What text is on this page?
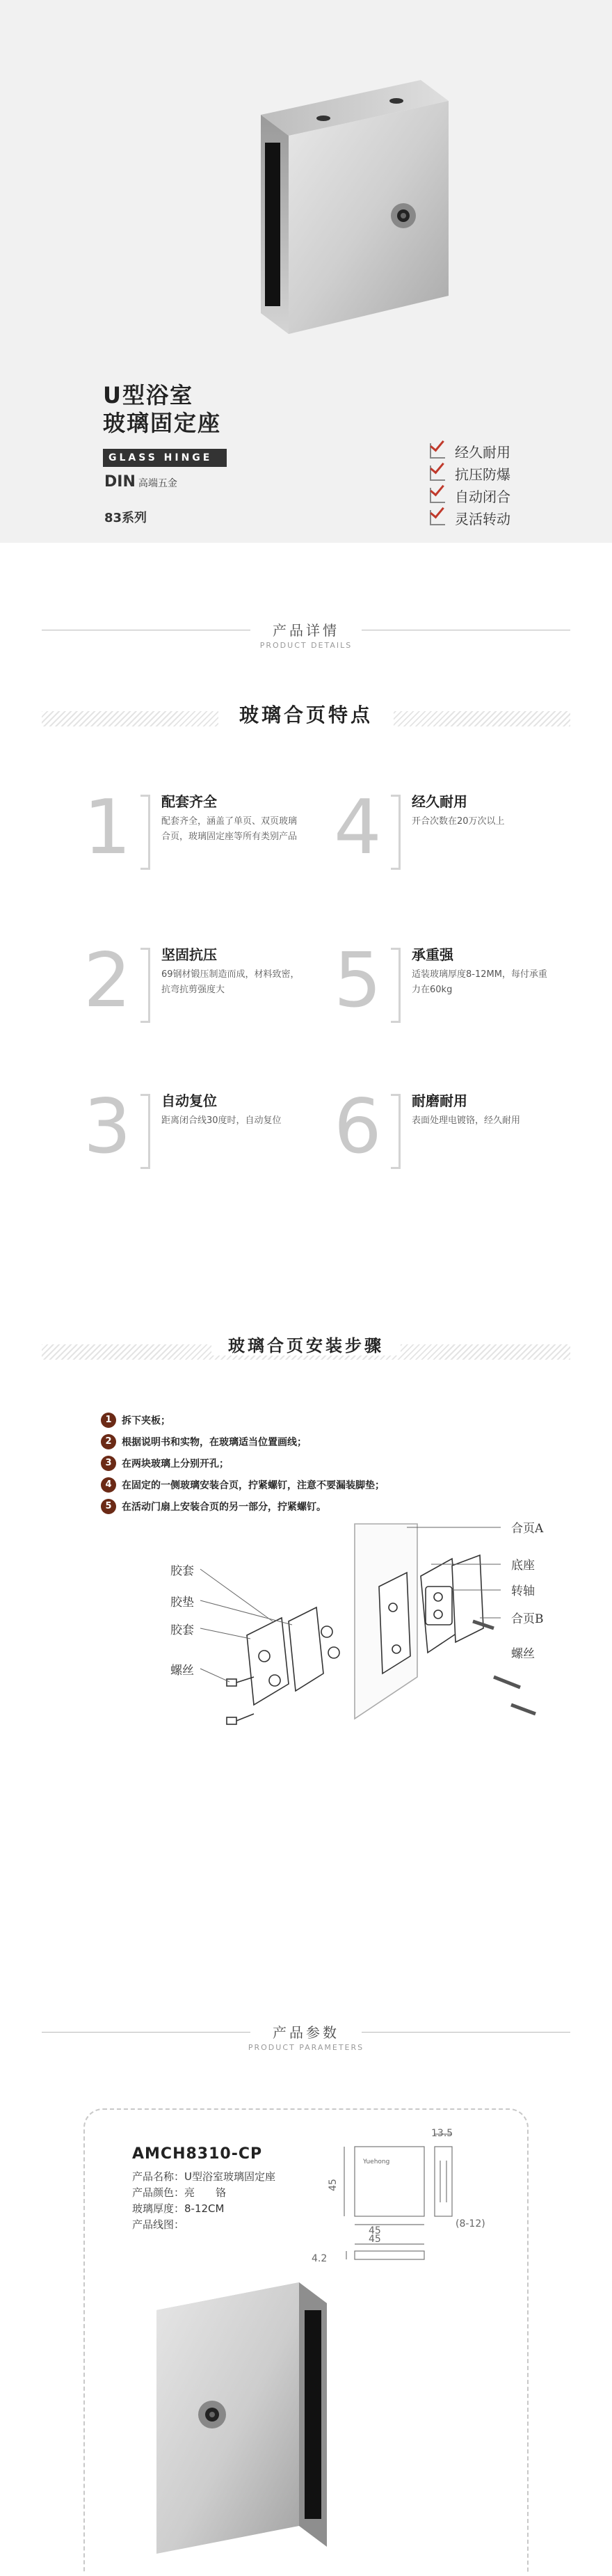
U型浴室
玻璃固定座
GLASS HINGE
DIN 高端五金
83系列
经久耐用
抗压防爆
自动闭合
灵活转动
产品详情
PRODUCT DETAILS
玻璃合页特点
1 配套齐全
配套齐全，涵盖了单页、双页玻璃合页，玻璃固定座等所有类别产品 4 经久耐用
开合次数在20万次以上
2 坚固抗压
69钢材锻压制造而成，材料致密，抗弯抗剪强度大	5 承重强
适装玻璃厚度8-12MM，每付承重力在60kg
3 自动复位
距离闭合线30度时，自动复位 6 耐磨耐用
表面处理电镀铬，经久耐用
玻璃合页安装步骤
1	拆下夹板；
2	根据说明书和实物，在玻璃适当位置画线；
3	在两块玻璃上分别开孔；
4	在固定的一侧玻璃安装合页，拧紧螺钉，注意不要漏装脚垫；
5	在活动门扇上安装合页的另一部分，拧紧螺钉。
合页A
底座
转轴
合页B
螺丝
胶套
胶垫
胶套
螺丝
产品参数
PRODUCT PARAMETERS
AMCH8310-CP
产品名称：U型浴室玻璃固定座
产品颜色：亮　　铬
玻璃厚度：8-12CM
产品线图：
13.5
45
45
(8-12)
45
4.2
Yuehong
